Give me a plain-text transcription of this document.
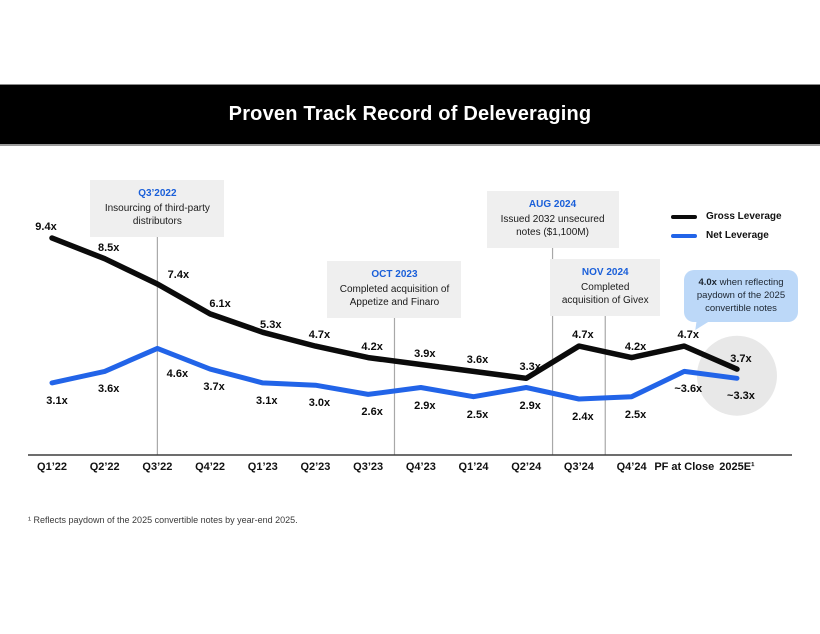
Proven Track Record of Deleveraging
Q3’2022
Insourcing of third-party distributors
OCT 2023
Completed acquisition of Appetize and Finaro
AUG 2024
Issued 2032 unsecured notes ($1,100M)
NOV 2024
Completed acquisition of Givex
Gross Leverage
Net Leverage
4.0x when reflecting paydown of the 2025 convertible notes
9.4x
8.5x
7.4x
6.1x
5.3x
4.7x
4.2x
3.9x
3.6x
3.3x
4.7x
4.2x
4.7x
3.7x
3.1x
3.6x
4.6x
3.7x
3.1x	3.0x
2.6x
2.9x
2.5x
2.9x
2.4x	2.5x
~3.6x
~3.3x
Q1’22 Q2’22 Q3’22 Q4’22 Q1’23 Q2’23 Q3’23 Q4’23 Q1’24 Q2’24 Q3’24 Q4’24 PF at Close 2025E¹
¹ Reflects paydown of the 2025 convertible notes by year-end 2025.
